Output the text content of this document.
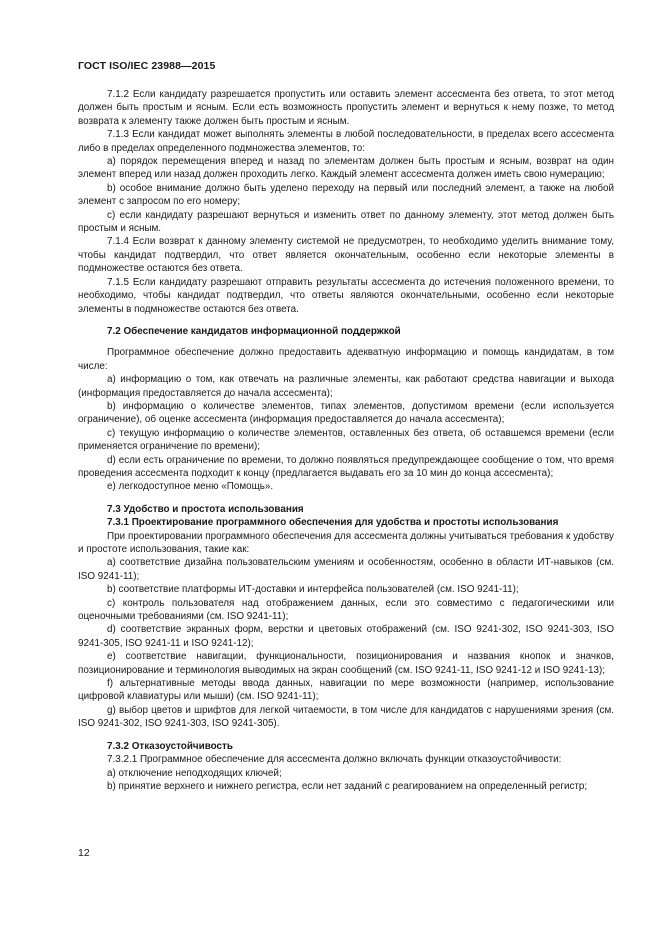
ГОСТ ISO/IEC 23988—2015

7.1.2 Если кандидату разрешается пропустить или оставить элемент ассесмента без ответа, то этот метод должен быть простым и ясным. Если есть возможность пропустить элемент и вернуться к нему позже, то метод возврата к элементу также должен быть простым и ясным.

7.1.3 Если кандидат может выполнять элементы в любой последовательности, в пределах всего ассесмента либо в пределах определенного подмножества элементов, то:

а) порядок перемещения вперед и назад по элементам должен быть простым и ясным, возврат на один элемент вперед или назад должен проходить легко. Каждый элемент ассесмента должен иметь свою нумерацию;

b) особое внимание должно быть уделено переходу на первый или последний элемент, а также на любой элемент с запросом по его номеру;

с) если кандидату разрешают вернуться и изменить ответ по данному элементу, этот метод должен быть простым и ясным.

7.1.4 Если возврат к данному элементу системой не предусмотрен, то необходимо уделить внимание тому, чтобы кандидат подтвердил, что ответ является окончательным, особенно если некоторые элементы в подмножестве остаются без ответа.

7.1.5 Если кандидату разрешают отправить результаты ассесмента до истечения положенного времени, то необходимо, чтобы кандидат подтвердил, что ответы являются окончательными, особенно если некоторые элементы в подмножестве остаются без ответа.

7.2 Обеспечение кандидатов информационной поддержкой

Программное обеспечение должно предоставить адекватную информацию и помощь кандидатам, в том числе:

а) информацию о том, как отвечать на различные элементы, как работают средства навигации и выхода (информация предоставляется до начала ассесмента);

b) информацию о количестве элементов, типах элементов, допустимом времени (если используется ограничение), об оценке ассесмента (информация предоставляется до начала ассесмента);

с) текущую информацию о количестве элементов, оставленных без ответа, об оставшемся времени (если применяется ограничение по времени);

d) если есть ограничение по времени, то должно появляться предупреждающее сообщение о том, что время проведения ассесмента подходит к концу (предлагается выдавать его за 10 мин до конца ассесмента);

е) легкодоступное меню «Помощь».

7.3 Удобство и простота использования

7.3.1 Проектирование программного обеспечения для удобства и простоты использования

При проектировании программного обеспечения для ассесмента должны учитываться требования к удобству и простоте использования, такие как:

а) соответствие дизайна пользовательским умениям и особенностям, особенно в области ИТ-навыков (см. ISO 9241-11);

b) соответствие платформы ИТ-доставки и интерфейса пользователей (см. ISO 9241-11);

с) контроль пользователя над отображением данных, если это совместимо с педагогическими или оценочными требованиями (см. ISO 9241-11);

d) соответствие экранных форм, верстки и цветовых отображений (см. ISO 9241-302, ISO 9241-303, ISO 9241-305, ISO 9241-11 и ISO 9241-12);

е) соответствие навигации, функциональности, позиционирования и названия кнопок и значков, позиционирование и терминология выводимых на экран сообщений (см. ISO 9241-11, ISO 9241-12 и ISO 9241-13);

f) альтернативные методы ввода данных, навигации по мере возможности (например, использование цифровой клавиатуры или мыши) (см. ISO 9241-11);

g) выбор цветов и шрифтов для легкой читаемости, в том числе для кандидатов с нарушениями зрения (см. ISO 9241-302, ISO 9241-303, ISO 9241-305).

7.3.2 Отказоустойчивость

7.3.2.1 Программное обеспечение для ассесмента должно включать функции отказоустойчивости:

а) отключение неподходящих ключей;

b) принятие верхнего и нижнего регистра, если нет заданий с реагированием на определенный регистр;

12
